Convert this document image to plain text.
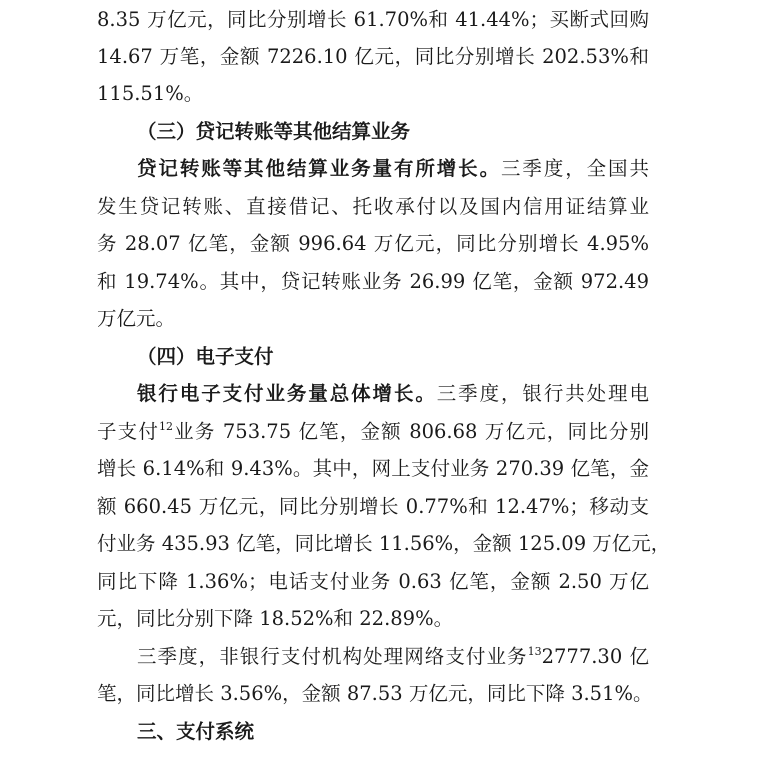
8.35 万亿元，同比分别增长 61.70%和 41.44%；买断式回购
14.67 万笔，金额 7226.10 亿元，同比分别增长 202.53%和
115.51%。
（三）贷记转账等其他结算业务
贷记转账等其他结算业务量有所增长。三季度，全国共
发生贷记转账、直接借记、托收承付以及国内信用证结算业
务 28.07 亿笔，金额 996.64 万亿元，同比分别增长 4.95%
和 19.74%。其中，贷记转账业务 26.99 亿笔，金额 972.49
万亿元。
（四）电子支付
银行电子支付业务量总体增长。三季度，银行共处理电
子支付$^{12}$业务 753.75 亿笔，金额 806.68 万亿元，同比分别
增长 6.14%和 9.43%。其中，网上支付业务 270.39 亿笔，金
额 660.45 万亿元，同比分别增长 0.77%和 12.47%；移动支
付业务 435.93 亿笔，同比增长 11.56%，金额 125.09 万亿元，
同比下降 1.36%；电话支付业务 0.63 亿笔，金额 2.50 万亿
元，同比分别下降 18.52%和 22.89%。
三季度，非银行支付机构处理网络支付业务$^{13}$2777.30 亿
笔，同比增长 3.56%，金额 87.53 万亿元，同比下降 3.51%。
三、支付系统
